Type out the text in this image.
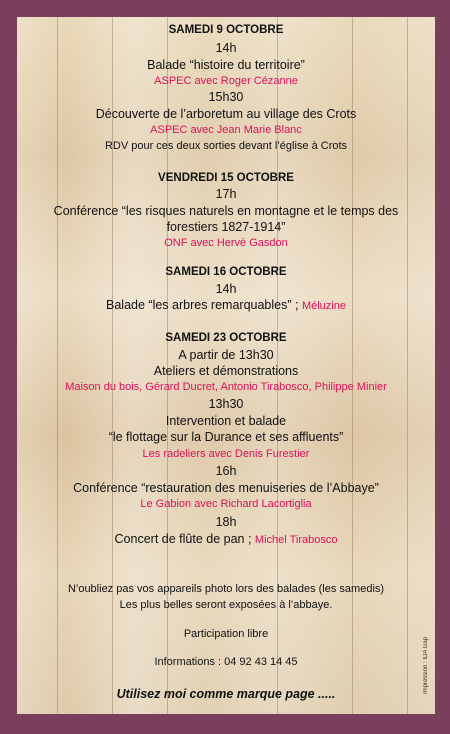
SAMEDI 9 OCTOBRE
14h
Balade “histoire du territoire”
ASPEC avec Roger Cézanne
15h30
Découverte de l’arboretum au village des Crots
ASPEC avec Jean Marie Blanc
RDV pour ces deux sorties devant l’église à Crots
VENDREDI 15 OCTOBRE
17h
Conférence “les risques naturels en montagne et le temps des
forestiers 1827-1914”
ONF avec Hervé Gasdon
SAMEDI 16 OCTOBRE
14h
Balade “les arbres remarquables” ; Méluzine
SAMEDI 23 OCTOBRE
A partir de 13h30
Ateliers et démonstrations
Maison du bois, Gérard Ducret, Antonio Tirabosco, Philippe Minier
13h30
Intervention et balade
“le flottage sur la Durance et ses affluents”
Les radeliers avec Denis Furestier
16h
Conférence “restauration des menuiseries de l’Abbaye”
Le Gabion avec Richard Lacortiglia
18h
Concert de flûte de pan ; Michel Tirabosco
N’oubliez pas vos appareils photo lors des balades (les samedis)
Les plus belles seront exposées à l’abbaye.
Participation libre
Informations : 04 92 43 14 45
Utilisez moi comme marque page .....	Impression : IDA Gap
